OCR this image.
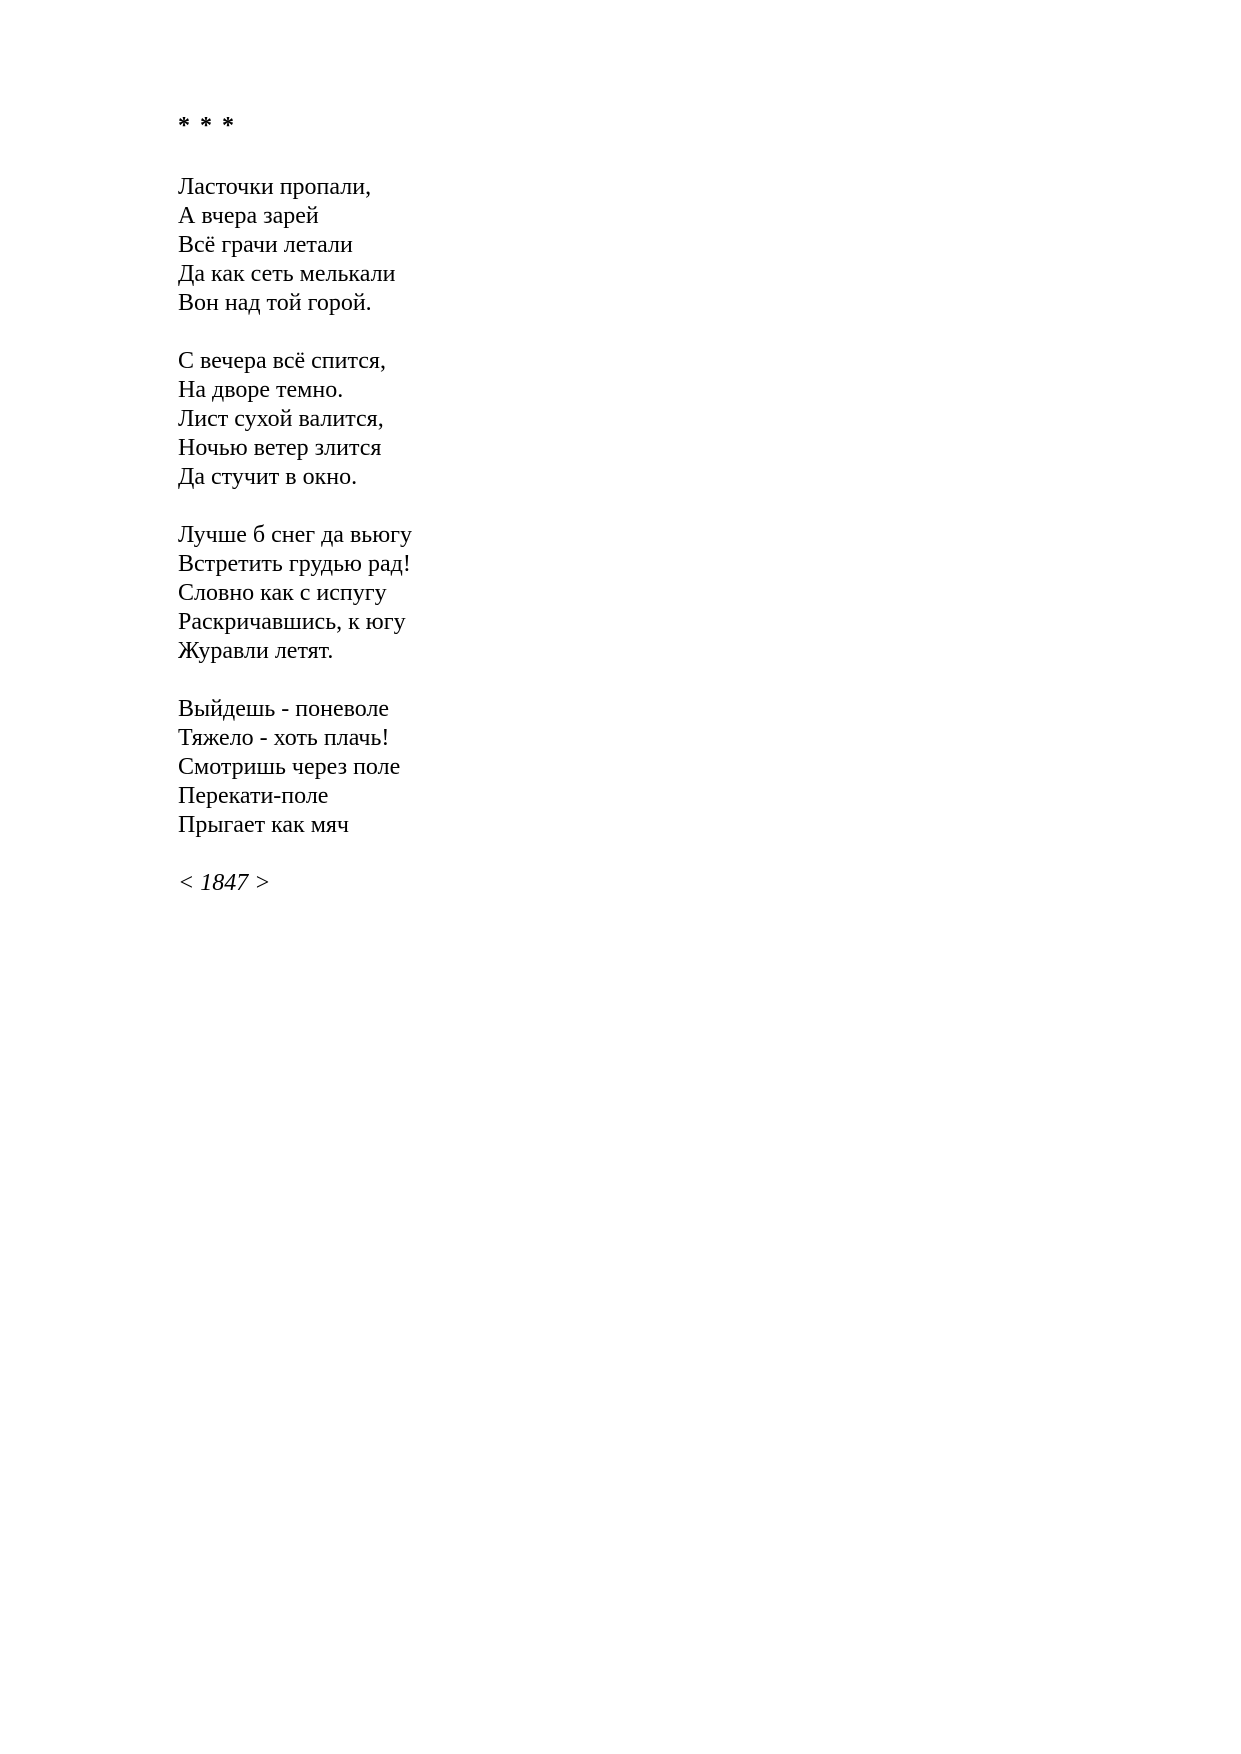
* * *
Ласточки пропали,
А вчера зарей
Всё грачи летали
Да как сеть мелькали
Вон над той горой.
С вечера всё спится,
На дворе темно.
Лист сухой валится,
Ночью ветер злится
Да стучит в окно.
Лучше б снег да вьюгу
Встретить грудью рад!
Словно как с испугу
Раскричавшись, к югу
Журавли летят.
Выйдешь - поневоле
Тяжело - хоть плачь!
Смотришь через поле
Перекати-поле
Прыгает как мяч
< 1847 >
